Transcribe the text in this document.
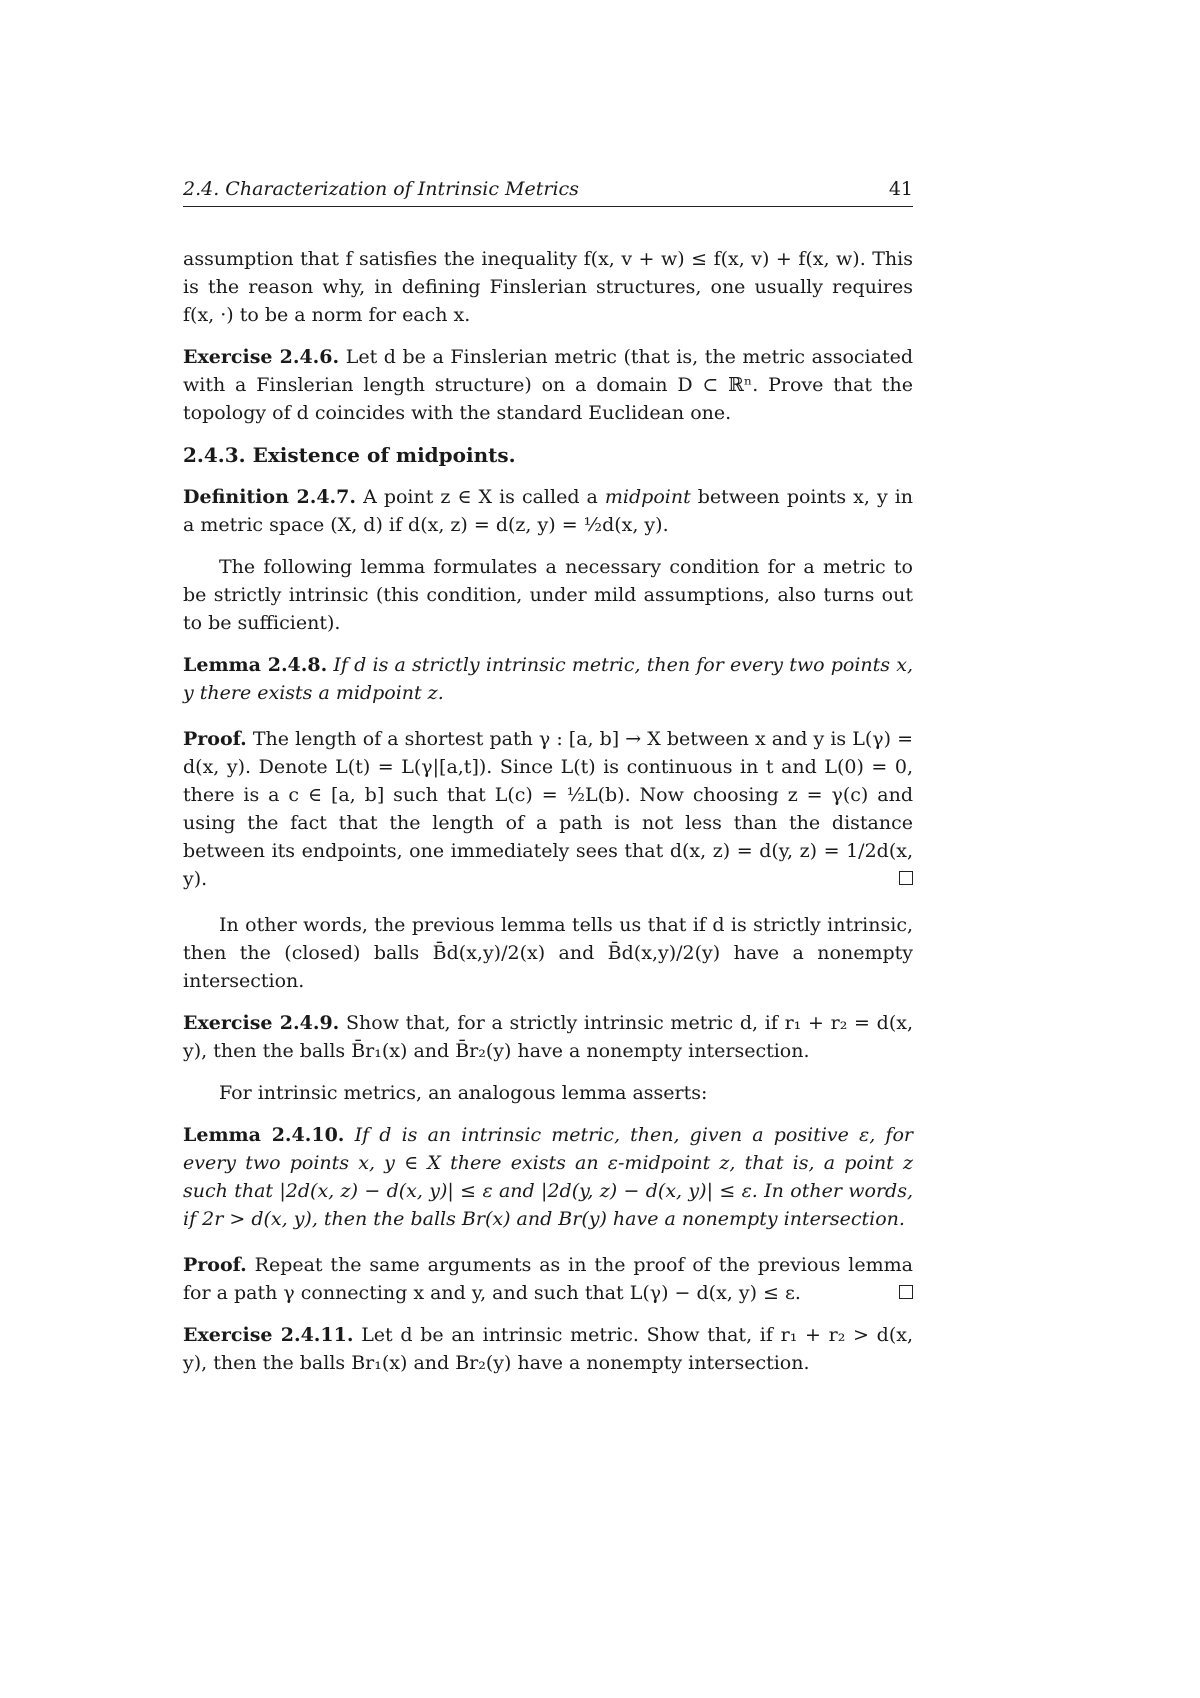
2.4. Characterization of Intrinsic Metrics	41

assumption that f satisfies the inequality f(x, v + w) ≤ f(x, v) + f(x, w). This is the reason why, in defining Finslerian structures, one usually requires f(x, ·) to be a norm for each x.

Exercise 2.4.6. Let d be a Finslerian metric (that is, the metric associated with a Finslerian length structure) on a domain D ⊂ ℝⁿ. Prove that the topology of d coincides with the standard Euclidean one.

2.4.3. Existence of midpoints.

Definition 2.4.7. A point z ∈ X is called a midpoint between points x, y in a metric space (X, d) if d(x, z) = d(z, y) = ½d(x, y).

The following lemma formulates a necessary condition for a metric to be strictly intrinsic (this condition, under mild assumptions, also turns out to be sufficient).

Lemma 2.4.8. If d is a strictly intrinsic metric, then for every two points x, y there exists a midpoint z.

Proof. The length of a shortest path γ : [a, b] → X between x and y is L(γ) = d(x, y). Denote L(t) = L(γ|[a,t]). Since L(t) is continuous in t and L(0) = 0, there is a c ∈ [a, b] such that L(c) = ½L(b). Now choosing z = γ(c) and using the fact that the length of a path is not less than the distance between its endpoints, one immediately sees that d(x, z) = d(y, z) = 1/2d(x, y).

In other words, the previous lemma tells us that if d is strictly intrinsic, then the (closed) balls B̄d(x,y)/2(x) and B̄d(x,y)/2(y) have a nonempty intersection.

Exercise 2.4.9. Show that, for a strictly intrinsic metric d, if r₁ + r₂ = d(x, y), then the balls B̄r₁(x) and B̄r₂(y) have a nonempty intersection.

For intrinsic metrics, an analogous lemma asserts:

Lemma 2.4.10. If d is an intrinsic metric, then, given a positive ε, for every two points x, y ∈ X there exists an ε-midpoint z, that is, a point z such that |2d(x, z) − d(x, y)| ≤ ε and |2d(y, z) − d(x, y)| ≤ ε. In other words, if 2r > d(x, y), then the balls Br(x) and Br(y) have a nonempty intersection.

Proof. Repeat the same arguments as in the proof of the previous lemma for a path γ connecting x and y, and such that L(γ) − d(x, y) ≤ ε.

Exercise 2.4.11. Let d be an intrinsic metric. Show that, if r₁ + r₂ > d(x, y), then the balls Br₁(x) and Br₂(y) have a nonempty intersection.
